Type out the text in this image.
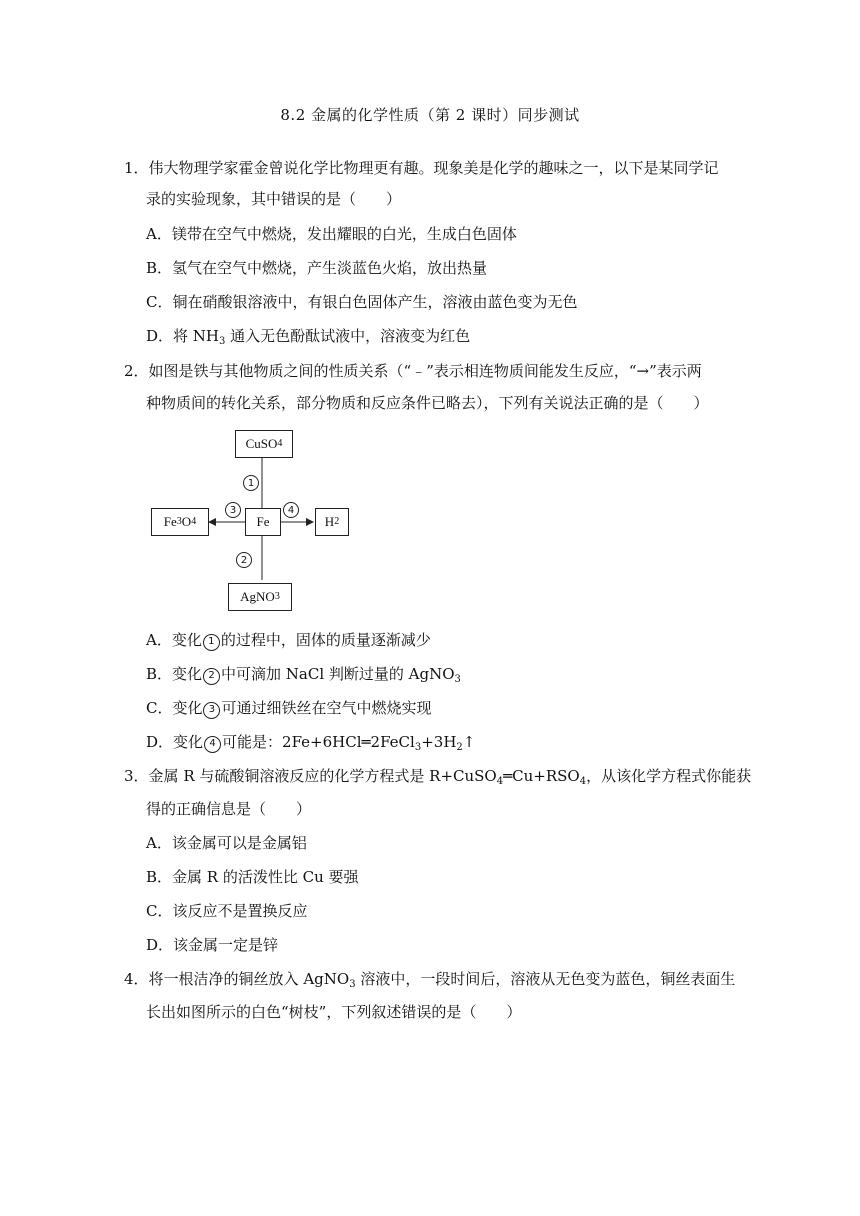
8.2 金属的化学性质（第 2 课时）同步测试
1．伟大物理学家霍金曾说化学比物理更有趣。现象美是化学的趣味之一，以下是某同学记
录的实验现象，其中错误的是（　　）
A．镁带在空气中燃烧，发出耀眼的白光，生成白色固体
B．氢气在空气中燃烧，产生淡蓝色火焰，放出热量
C．铜在硝酸银溶液中，有银白色固体产生，溶液由蓝色变为无色
D．将 $NH_3$ 通入无色酚酞试液中，溶液变为红色
2．如图是铁与其他物质之间的性质关系（“﹣”表示相连物质间能发生反应，“→”表示两
种物质间的转化关系，部分物质和反应条件已略去），下列有关说法正确的是（　　）
CuSO 4
Fe
Fe 3 O 4	H 2
AgNO 3
1
2
3	4
A．变化 1 的过程中，固体的质量逐渐减少
B．变化 2 中可滴加 NaCl 判断过量的 AgNO$_3$
C．变化 3 可通过细铁丝在空气中燃烧实现
D．变化 4 可能是：$2Fe+6HCl═2FeCl_3+3H_2↑$
3．金属 R 与硫酸铜溶液反应的化学方程式是 $R+CuSO_4═Cu+RSO_4$，从该化学方程式你能获
得的正确信息是（　　）
A．该金属可以是金属铝
B．金属 R 的活泼性比 Cu 要强
C．该反应不是置换反应
D．该金属一定是锌
4．将一根洁净的铜丝放入 AgNO$_3$ 溶液中，一段时间后，溶液从无色变为蓝色，铜丝表面生
长出如图所示的白色“树枝”，下列叙述错误的是（　　）
